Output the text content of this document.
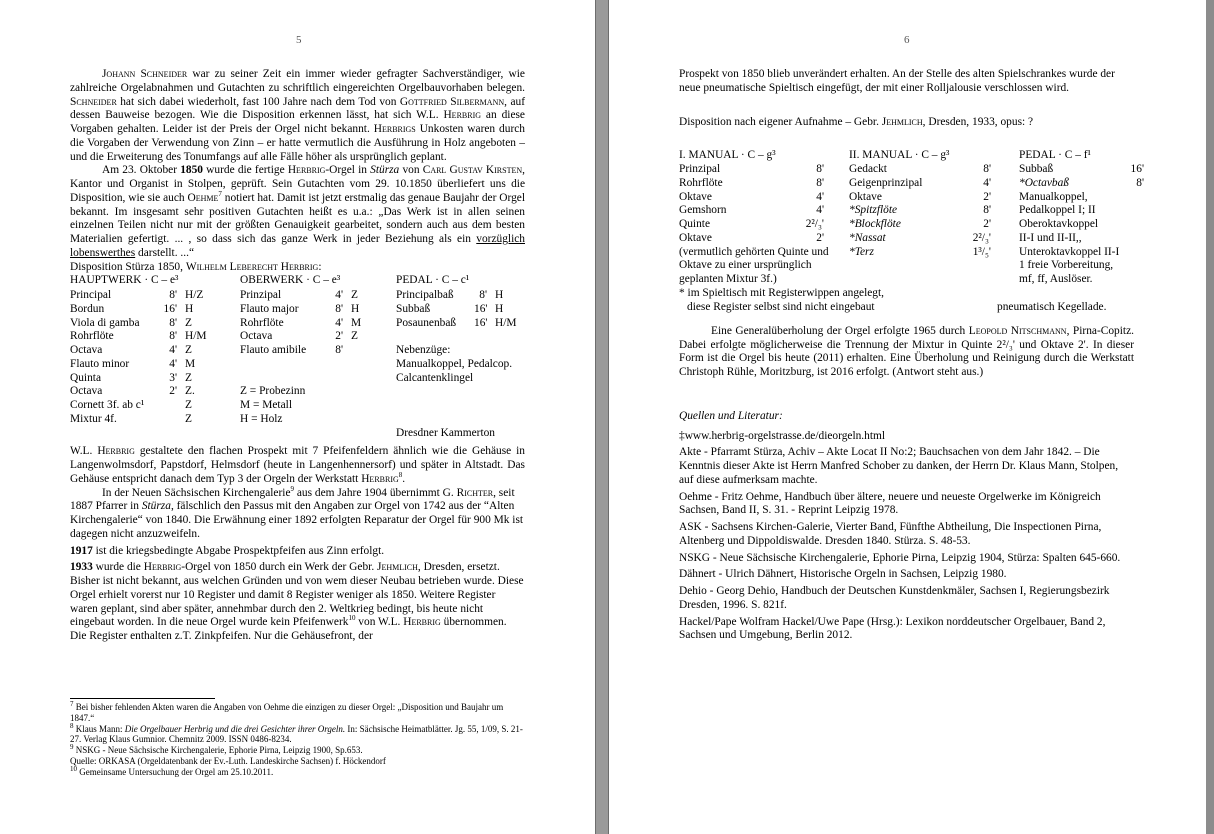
5

Johann Schneider war zu seiner Zeit ein immer wieder gefragter Sachverständiger, wie zahlreiche Orgelabnahmen und Gutachten zu schriftlich eingereichten Orgelbauvorhaben belegen. Schneider hat sich dabei wiederholt, fast 100 Jahre nach dem Tod von Gottfried Silbermann, auf dessen Bauweise bezogen. Wie die Disposition erkennen lässt, hat sich W.L. Herbrig an diese Vorgaben gehalten. Leider ist der Preis der Orgel nicht bekannt. Herbrigs Unkosten waren durch die Vorgaben der Verwendung von Zinn – er hatte vermutlich die Ausführung in Holz angeboten – und die Erweiterung des Tonumfangs auf alle Fälle höher als ursprünglich geplant.

Am 23. Oktober 1850 wurde die fertige Herbrig-Orgel in Stürza von Carl Gustav Kirsten, Kantor und Organist in Stolpen, geprüft. Sein Gutachten vom 29. 10.1850 überliefert uns die Disposition, wie sie auch Oehme$^7$ notiert hat. Damit ist jetzt erstmalig das genaue Baujahr der Orgel bekannt. Im insgesamt sehr positiven Gutachten heißt es u.a.: „Das Werk ist in allen seinen einzelnen Teilen nicht nur mit der größten Genauigkeit gearbeitet, sondern auch aus dem besten Materialien gefertigt. ... , so dass sich das ganze Werk in jeder Beziehung als ein vorzüglich lobenswerthes darstellt. ...“

Disposition Stürza 1850, Wilhelm Leberecht Herbrig:

HAUPTWERK · C – e³
Principal	8' H/Z
Bordun	16' H
Viola di gamba	8' Z
Rohrflöte	8' H/M
Octava	4' Z
Flauto minor	4' M
Quinta	3' Z
Octava	2' Z.
Cornett 3f. ab c¹	Z
Mixtur 4f.	Z
OBERWERK · C – e³
Prinzipal	4' Z
Flauto major	8' H
Rohrflöte	4' M
Octava	2' Z
Flauto amibile	8'
Z = Probezinn
M = Metall
H = Holz
PEDAL · C – c¹
Principalbaß 8' H
Subbaß	16' H
Posaunenbaß 16' H/M
Nebenzüge:
Manualkoppel, Pedalcop.
Calcantenklingel
Dresdner Kammerton

W.L. Herbrig gestaltete den flachen Prospekt mit 7 Pfeifenfeldern ähnlich wie die Gehäuse in Langenwolmsdorf, Papstdorf, Helmsdorf (heute in Langenhennersorf) und später in Altstadt. Das Gehäuse entspricht danach dem Typ 3 der Orgeln der Werkstatt Herbrig$^8$.

In der Neuen Sächsischen Kirchengalerie$^9$ aus dem Jahre 1904 übernimmt G. Richter, seit 1887 Pfarrer in Stürza, fälschlich den Passus mit den Angaben zur Orgel von 1742 aus der “Alten Kirchengalerie“ von 1840. Die Erwähnung einer 1892 erfolgten Reparatur der Orgel für 900 Mk ist dagegen nicht anzuzweifeln.

1917 ist die kriegsbedingte Abgabe Prospektpfeifen aus Zinn erfolgt.

1933 wurde die Herbrig-Orgel von 1850 durch ein Werk der Gebr. Jehmlich, Dresden, ersetzt. Bisher ist nicht bekannt, aus welchen Gründen und von wem dieser Neubau betrieben wurde. Diese Orgel erhielt vorerst nur 10 Register und damit 8 Register weniger als 1850. Weitere Register waren geplant, sind aber später, annehmbar durch den 2. Weltkrieg bedingt, bis heute nicht eingebaut worden. In die neue Orgel wurde kein Pfeifenwerk$^{10}$ von W.L. Herbrig übernommen. Die Register enthalten z.T. Zinkpfeifen. Nur die Gehäusefront, der

$^7$ Bei bisher fehlenden Akten waren die Angaben von Oehme die einzigen zu dieser Orgel: „Disposition und Baujahr um 1847.“
$^8$ Klaus Mann: Die Orgelbauer Herbrig und die drei Gesichter ihrer Orgeln. In: Sächsische Heimatblätter. Jg. 55, 1/09, S. 21-27. Verlag Klaus Gumnior. Chemnitz 2009. ISSN 0486-8234.
$^9$ NSKG - Neue Sächsische Kirchengalerie, Ephorie Pirna, Leipzig 1900, Sp.653.
Quelle: ORKASA (Orgeldatenbank der Ev.-Luth. Landeskirche Sachsen) f. Höckendorf
$^{10}$ Gemeinsame Untersuchung der Orgel am 25.10.2011.
6

Prospekt von 1850 blieb unverändert erhalten. An der Stelle des alten Spielschrankes wurde der neue pneumatische Spieltisch eingefügt, der mit einer Rolljalousie verschlossen wird.

Disposition nach eigener Aufnahme – Gebr. Jehmlich, Dresden, 1933, opus: ?

I. MANUAL · C – g³
Prinzipal	8'
Rohrflöte	8'
Oktave	4'
Gemshorn	4'
Quinte	2²/₃'
Oktave	2'
(vermutlich gehörten Quinte und
Oktave zu einer ursprünglich
geplanten Mixtur 3f.)
II. MANUAL · C – g³
Gedackt	8'
Geigenprinzipal	4'
Oktave	2'
*Spitzflöte	8'
*Blockflöte	2'
*Nassat	2²/₃'
*Terz	1³/₅'
PEDAL · C – f¹
Subbaß	16'
*Octavbaß	8'
Manualkoppel,
Pedalkoppel I; II
Oberoktavkoppel
II-I und II-II,,
Unteroktavkoppel II-I
1 freie Vorbereitung,
mf, ff, Auslöser.

* im Spieltisch mit Registerwippen angelegt,

diese Register selbst sind nicht eingebaut	pneumatisch Kegellade.

Eine Generalüberholung der Orgel erfolgte 1965 durch Leopold Nitschmann, Pirna-Copitz. Dabei erfolgte möglicherweise die Trennung der Mixtur in Quinte 2²/₃' und Oktave 2'. In dieser Form ist die Orgel bis heute (2011) erhalten. Eine Überholung und Reinigung durch die Werkstatt Christoph Rühle, Moritzburg, ist 2016 erfolgt. (Antwort steht aus.)

Quellen und Literatur:

‡www.herbrig-orgelstrasse.de/dieorgeln.html

Akte - Pfarramt Stürza, Achiv – Akte Locat II No:2; Bauchsachen von dem Jahr 1842. – Die Kenntnis dieser Akte ist Herrn Manfred Schober zu danken, der Herrn Dr. Klaus Mann, Stolpen, auf diese aufmerksam machte.

Oehme - Fritz Oehme, Handbuch über ältere, neuere und neueste Orgelwerke im Königreich Sachsen, Band II, S. 31. - Reprint Leipzig 1978.

ASK - Sachsens Kirchen-Galerie, Vierter Band, Fünfthe Abtheilung, Die Inspectionen Pirna, Altenberg und Dippoldiswalde. Dresden 1840. Stürza. S. 48-53.

NSKG - Neue Sächsische Kirchengalerie, Ephorie Pirna, Leipzig 1904, Stürza: Spalten 645-660.

Dähnert - Ulrich Dähnert, Historische Orgeln in Sachsen, Leipzig 1980.

Dehio - Georg Dehio, Handbuch der Deutschen Kunstdenkmäler, Sachsen I, Regierungsbezirk Dresden, 1996. S. 821f.

Hackel/Pape Wolfram Hackel/Uwe Pape (Hrsg.): Lexikon norddeutscher Orgelbauer, Band 2, Sachsen und Umgebung, Berlin 2012.
